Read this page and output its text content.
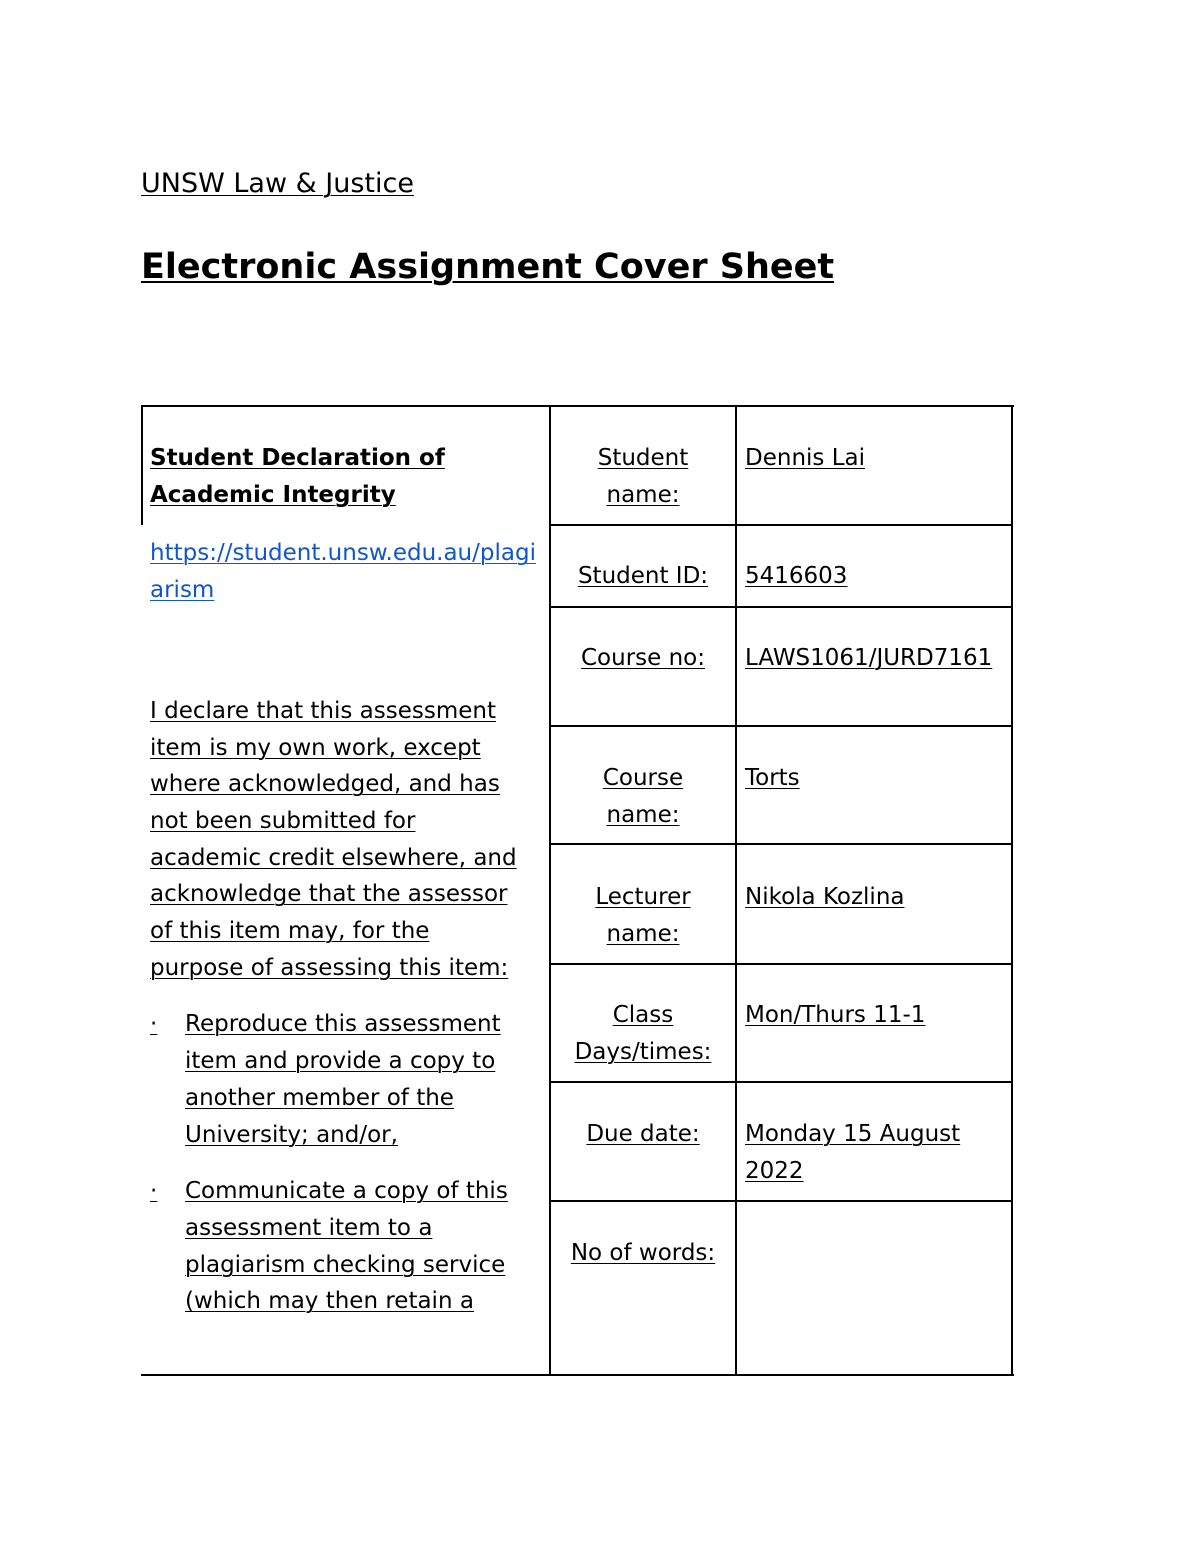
UNSW Law & Justice
Electronic Assignment Cover Sheet

Student Declaration of Academic Integrity

https://student.unsw.edu.au/plagiarism
I declare that this assessment item is my own work, except where acknowledged, and has not been submitted for academic credit elsewhere, and acknowledge that the assessor of this item may, for the purpose of assessing this item:
·	Reproduce this assessment item and provide a copy to another member of the University; and/or,
·	Communicate a copy of this assessment item to a plagiarism checking service (which may then retain a
Student name:
Student ID:
Course no:
Course name:
Lecturer name:
Class Days/times:
Due date:
No of words:
Dennis Lai
5416603
LAWS1061/JURD7161
Torts
Nikola Kozlina
Mon/Thurs 11-1
Monday 15 August 2022
